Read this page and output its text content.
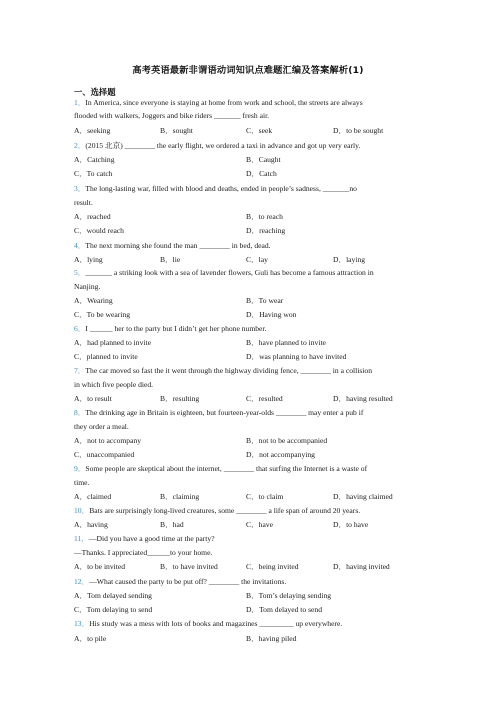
高考英语最新非谓语动词知识点难题汇编及答案解析(1)
一、选择题
1．In America, since everyone is staying at home from work and school, the streets are always
flooded with walkers, Joggers and bike riders _______ fresh air.
A．seeking	B．sought	C．seek	D．to be sought
2．(2015 北京) ________ the early flight, we ordered a taxi in advance and got up very early.
A．Catching	B．Caught
C．To catch	D．Catch
3．The long-lasting war, filled with blood and deaths, ended in people’s sadness, _______no
result.
A．reached	B．to reach
C．would reach	D．reaching
4．The next morning she found the man ________ in bed, dead.
A．lying	B．lie	C．lay	D．laying
5．_______ a striking look with a sea of lavender flowers, Guli has become a famous attraction in
Nanjing.
A．Wearing	B．To wear
C．To be wearing	D．Having won
6．I ______ her to the party but I didn’t get her phone number.
A．had planned to invite	B．have planned to invite
C．planned to invite	D．was planning to have invited
7．The car moved so fast the it went through the highway dividing fence, ________ in a collision
in which five people died.
A．to result	B．resulting	C．resulted	D．having resulted
8．The drinking age in Britain is eighteen, but fourteen-year-olds ________ may enter a pub if
they order a meal.
A．not to accompany	B．not to be accompanied
C．unaccompanied	D．not accompanying
9．Some people are skeptical about the internet, ________ that surfing the Internet is a waste of
time.
A．claimed	B．claiming	C．to claim	D．having claimed
10．Bats are surprisingly long-lived creatures, some ________ a life span of around 20 years.
A．having	B．had	C．have	D．to have
11．—Did you have a good time at the party?
—Thanks. I appreciated______to your home.
A．to be invited	B．to have invited	C．being invited	D．having invited
12．—What caused the party to be put off? ________ the invitations.
A．Tom delayed sending	B．Tom’s delaying sending
C．Tom delaying to send	D．Tom delayed to send
13．His study was a mess with lots of books and magazines _________ up everywhere.
A．to pile	B．having piled
